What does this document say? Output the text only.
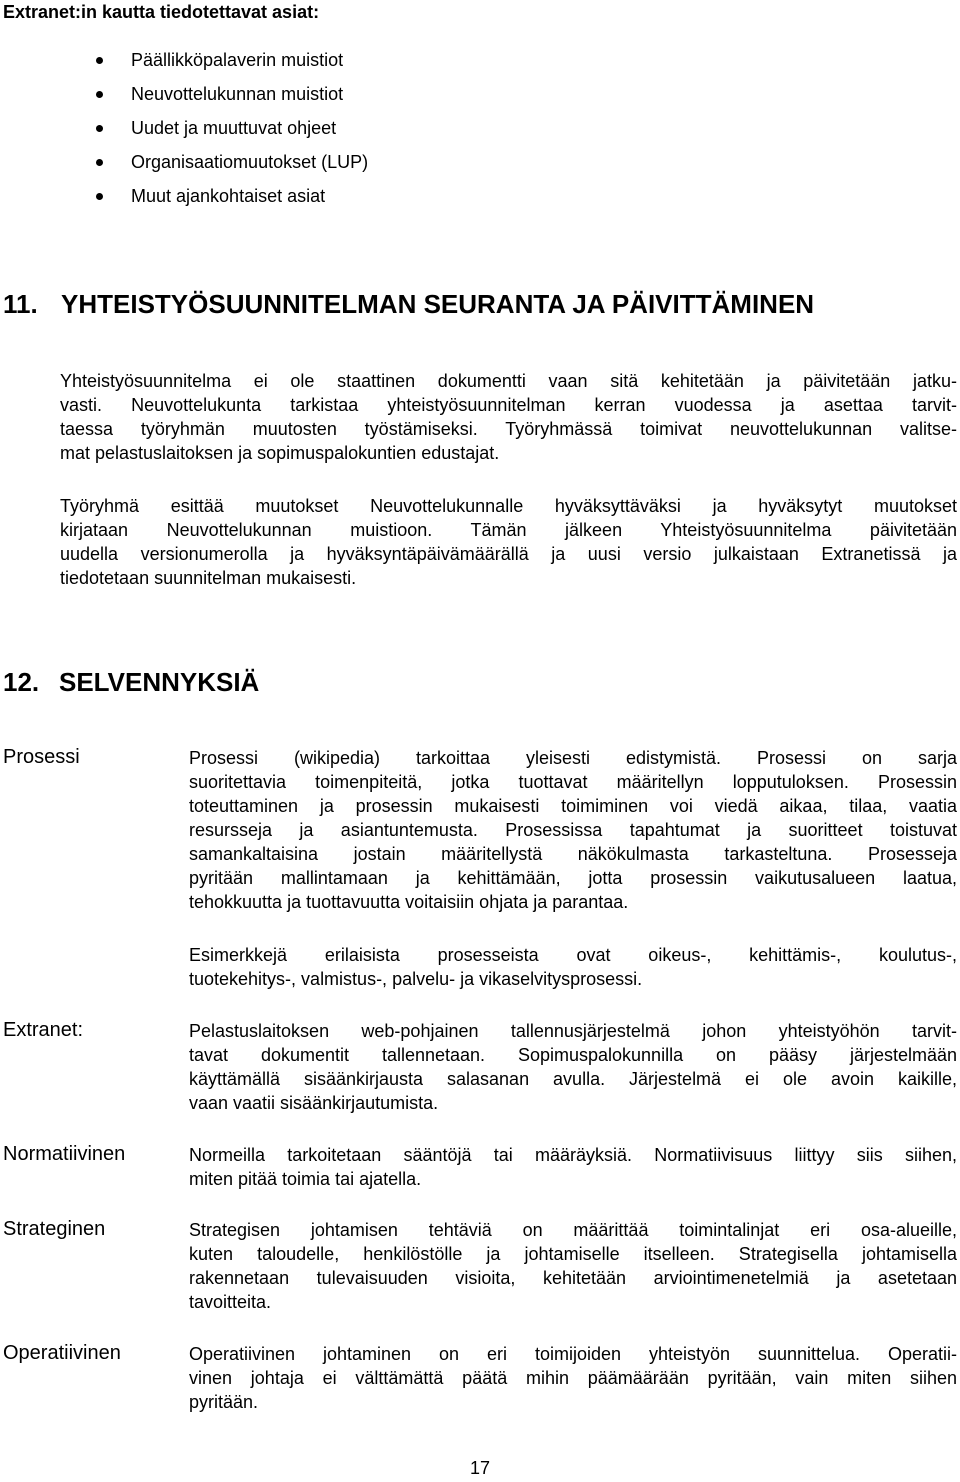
Extranet:in kautta tiedotettavat asiat:

Päällikköpalaverin muistiot
Neuvottelukunnan muistiot
Uudet ja muuttuvat ohjeet
Organisaatiomuutokset (LUP)
Muut ajankohtaiset asiat
11. YHTEISTYÖSUUNNITELMAN SEURANTA JA PÄIVITTÄMINEN

Yhteistyösuunnitelma ei ole staattinen dokumentti vaan sitä kehitetään ja päivitetään jatku-
vasti. Neuvottelukunta tarkistaa yhteistyösuunnitelman kerran vuodessa ja asettaa tarvit-
taessa työryhmän muutosten työstämiseksi. Työryhmässä toimivat neuvottelukunnan valitse-
mat pelastuslaitoksen ja sopimuspalokuntien edustajat.

Työryhmä esittää muutokset Neuvottelukunnalle hyväksyttäväksi ja hyväksytyt muutokset
kirjataan Neuvottelukunnan muistioon. Tämän jälkeen Yhteistyösuunnitelma päivitetään
uudella versionumerolla ja hyväksyntäpäivämäärällä ja uusi versio julkaistaan Extranetissä ja
tiedotetaan suunnitelman mukaisesti.

12. SELVENNYKSIÄ

Prosessi	Prosessi (wikipedia) tarkoittaa yleisesti edistymistä. Prosessi on sarja
suoritettavia toimenpiteitä, jotka tuottavat määritellyn lopputuloksen. Prosessin
toteuttaminen ja prosessin mukaisesti toimiminen voi viedä aikaa, tilaa, vaatia
resursseja ja asiantuntemusta. Prosessissa tapahtumat ja suoritteet toistuvat
samankaltaisina jostain määritellystä näkökulmasta tarkasteltuna. Prosesseja
pyritään mallintamaan ja kehittämään, jotta prosessin vaikutusalueen laatua,
tehokkuutta ja tuottavuutta voitaisiin ohjata ja parantaa.
Esimerkkejä erilaisista prosesseista ovat oikeus-, kehittämis-, koulutus-,
tuotekehitys-, valmistus-, palvelu- ja vikaselvitysprosessi.

Extranet:	Pelastuslaitoksen web-pohjainen tallennusjärjestelmä johon yhteistyöhön tarvit-
tavat dokumentit tallennetaan. Sopimuspalokunnilla on pääsy järjestelmään
käyttämällä sisäänkirjausta salasanan avulla. Järjestelmä ei ole avoin kaikille,
vaan vaatii sisäänkirjautumista.

Normatiivinen	Normeilla tarkoitetaan sääntöjä tai määräyksiä. Normatiivisuus liittyy siis siihen,
miten pitää toimia tai ajatella.

Strateginen	Strategisen johtamisen tehtäviä on määrittää toimintalinjat eri osa-alueille,
kuten taloudelle, henkilöstölle ja johtamiselle itselleen. Strategisella johtamisella
rakennetaan tulevaisuuden visioita, kehitetään arviointimenetelmiä ja asetetaan
tavoitteita.

Operatiivinen	Operatiivinen johtaminen on eri toimijoiden yhteistyön suunnittelua. Operatii-
vinen johtaja ei välttämättä päätä mihin päämäärään pyritään, vain miten siihen
pyritään.

17
